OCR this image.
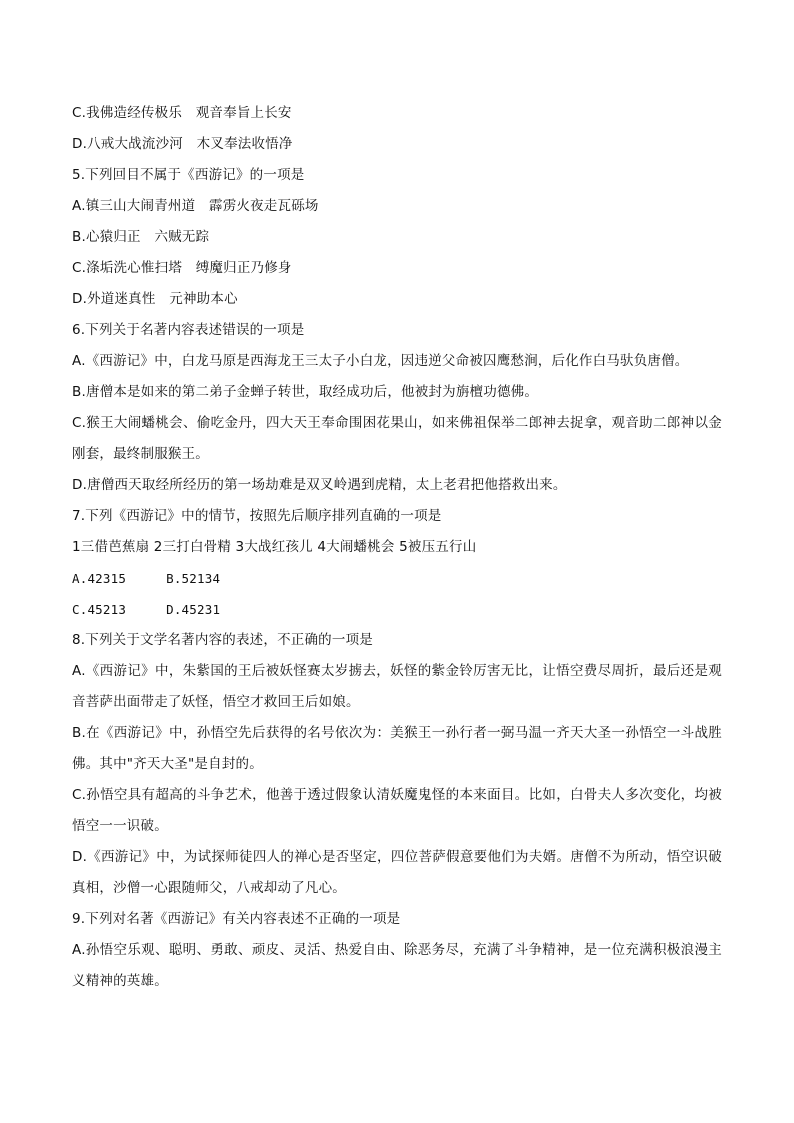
C.我佛造经传极乐　观音奉旨上长安
D.八戒大战流沙河　木叉奉法收悟净
5.下列回目不属于《西游记》的一项是
A.镇三山大闹青州道　霹雳火夜走瓦砾场
B.心猿归正　六贼无踪
C.涤垢洗心惟扫塔　缚魔归正乃修身
D.外道迷真性　元神助本心
6.下列关于名著内容表述错误的一项是
A.《西游记》中，白龙马原是西海龙王三太子小白龙，因违逆父命被囚鹰愁涧，后化作白马驮负唐僧。
B.唐僧本是如来的第二弟子金蝉子转世，取经成功后，他被封为旃檀功德佛。
C.猴王大闹蟠桃会、偷吃金丹，四大天王奉命围困花果山，如来佛祖保举二郎神去捉拿，观音助二郎神以金刚套，最终制服猴王。
D.唐僧西天取经所经历的第一场劫难是双叉岭遇到虎精，太上老君把他搭救出来。
7.下列《西游记》中的情节，按照先后顺序排列直确的一项是
1三借芭蕉扇 2三打白骨精 3大战红孩儿 4大闹蟠桃会 5被压五行山
A.42315	B.52134
C.45213	D.45231
8.下列关于文学名著内容的表述，不正确的一项是
A.《西游记》中，朱紫国的王后被妖怪赛太岁掳去，妖怪的紫金铃厉害无比，让悟空费尽周折，最后还是观音菩萨出面带走了妖怪，悟空才救回王后如娘。
B.在《西游记》中，孙悟空先后获得的名号依次为：美猴王一孙行者一弼马温一齐天大圣一孙悟空一斗战胜佛。其中"齐天大圣"是自封的。
C.孙悟空具有超高的斗争艺术，他善于透过假象认清妖魔鬼怪的本来面目。比如，白骨夫人多次变化，均被悟空一一识破。
D.《西游记》中，为试探师徒四人的禅心是否坚定，四位菩萨假意要他们为夫婿。唐僧不为所动，悟空识破真相，沙僧一心跟随师父，八戒却动了凡心。
9.下列对名著《西游记》有关内容表述不正确的一项是
A.孙悟空乐观、聪明、勇敢、顽皮、灵活、热爱自由、除恶务尽，充满了斗争精神，是一位充满积极浪漫主义精神的英雄。
